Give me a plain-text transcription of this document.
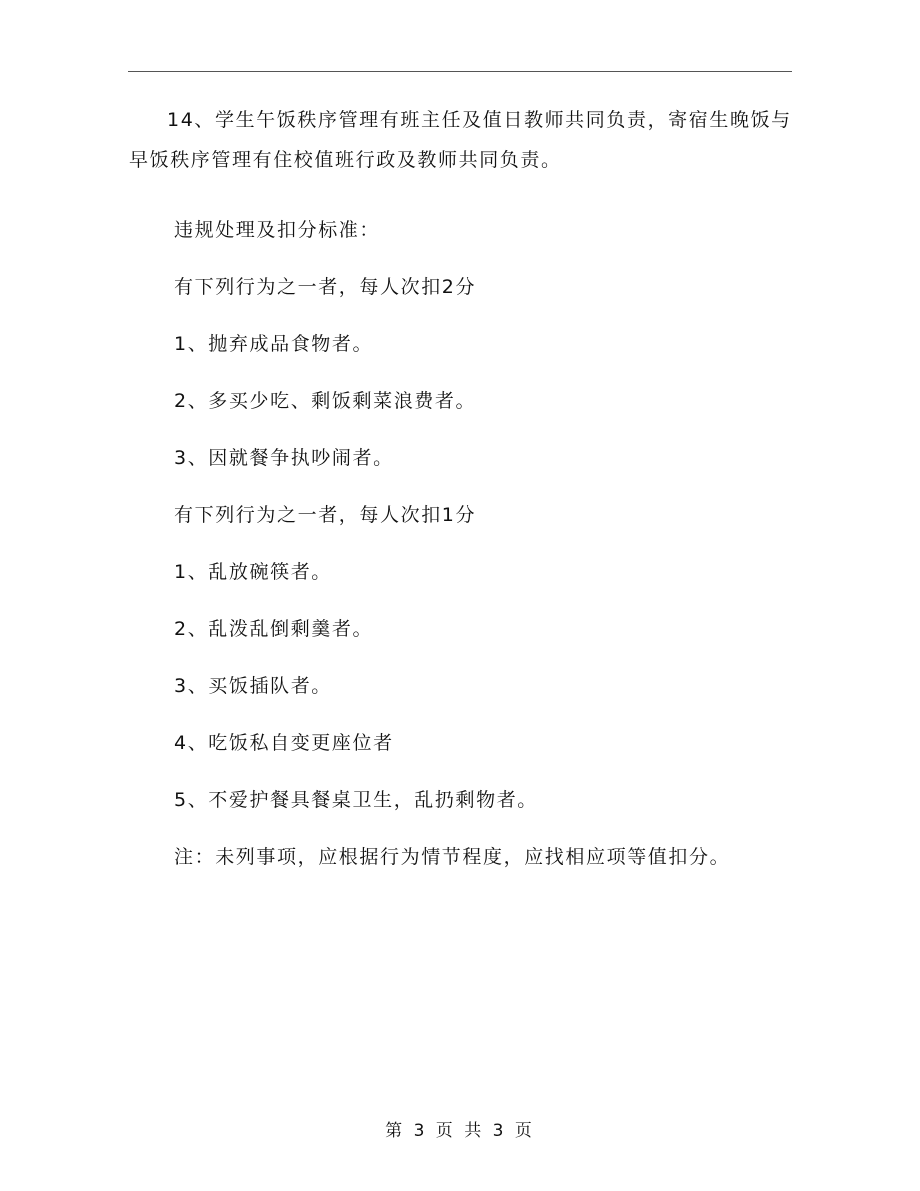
14、学生午饭秩序管理有班主任及值日教师共同负责，寄宿生晚饭与早饭秩序管理有住校值班行政及教师共同负责。

违规处理及扣分标准：

有下列行为之一者，每人次扣2分

1、抛弃成品食物者。

2、多买少吃、剩饭剩菜浪费者。

3、因就餐争执吵闹者。

有下列行为之一者，每人次扣1分

1、乱放碗筷者。

2、乱泼乱倒剩羹者。

3、买饭插队者。

4、吃饭私自变更座位者

5、不爱护餐具餐桌卫生，乱扔剩物者。

注：未列事项，应根据行为情节程度，应找相应项等值扣分。

第 3 页 共 3 页
